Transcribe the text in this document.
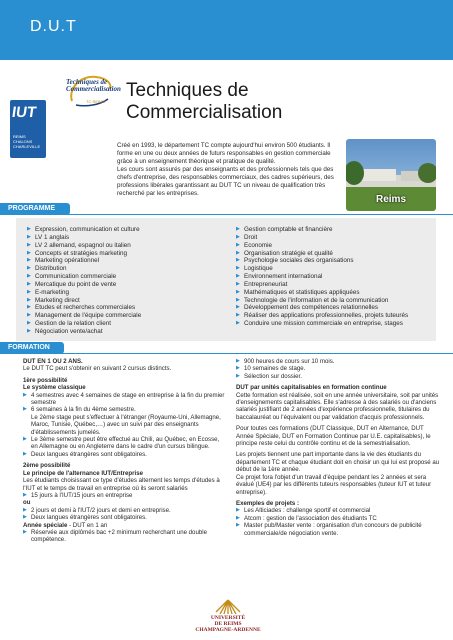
D.U.T
Techniques de
Commercialisation
TC REIMS
IUT
REIMS CHALONS CHARLEVILLE
Techniques de
Commercialisation
Reims

Créé en 1993, le département TC compte aujourd'hui environ 500 étudiants. Il forme en une ou deux années de futurs responsables en gestion commerciale grâce à un enseignement théorique et pratique de qualité.

Les cours sont assurés par des enseignants et des professionnels tels que des chefs d'entreprise, des responsables commerciaux, des cadres supérieurs, des professions libérales garantissant au DUT TC un niveau de qualification très recherché par les entreprises.

PROGRAMME
▶ Expression, communication et culture
▶ LV 1 anglais
▶ LV 2 allemand, espagnol ou italien
▶ Concepts et stratégies marketing
▶ Marketing opérationnel
▶ Distribution
▶ Communication commerciale
▶ Mercatique du point de vente
▶ E-marketing
▶ Marketing direct
▶ Etudes et recherches commerciales
▶ Management de l'équipe commerciale
▶ Gestion de la relation client
▶ Négociation vente/achat
▶ Gestion comptable et financière
▶ Droit
▶ Economie
▶ Organisation stratégie et qualité
▶ Psychologie sociales des organisations
▶ Logistique
▶ Environnement international
▶ Entrepreneuriat
▶ Mathématiques et statistiques appliquées
▶ Technologie de l'information et de la communication
▶ Développement des compétences relationnelles
▶ Réaliser des applications professionnelles, projets tuteurés
▶ Conduire une mission commerciale en entreprise, stages
FORMATION

DUT EN 1 OU 2 ANS.

Le DUT TC peut s'obtenir en suivant 2 cursus distincts.

1ère possibilité

Le système classique

▶ 4 semestres avec 4 semaines de stage en entreprise à la fin du premier semestre

▶ 6 semaines à la fin du 4ème semestre.

Le 2ème stage peut s'effectuer à l'étranger (Royaume-Uni, Allemagne, Maroc, Tunisie, Québec,…) avec un suivi par des enseignants d'établissements jumelés.

▶ Le 3ème semestre peut être effectué au Chili, au Québec, en Ecosse, en Allemagne ou en Angleterre dans le cadre d'un cursus bilingue.

▶ Deux langues étrangères sont obligatoires.

2ème possibilité

Le principe de l'alternance IUT/Entreprise

Les étudiants choisissant ce type d'études alternent les temps d'études à l'IUT et le temps de travail en entreprise où ils seront salariés

▶ 15 jours à l'IUT/15 jours en entreprise

ou

▶ 2 jours et demi à l'IUT/2 jours et demi en entreprise.

▶ Deux langues étrangères sont obligatoires.

Année spéciale - DUT en 1 an

▶ Réservée aux diplômés bac +2 minimum recherchant une double compétence.

▶ 900 heures de cours sur 10 mois.

▶ 10 semaines de stage.

▶ Sélection sur dossier.

DUT par unités capitalisables en formation continue

Cette formation est réalisée, soit en une année universitaire, soit par unités d'enseignements capitalisables. Elle s'adresse à des salariés ou d'anciens salariés justifiant de 2 années d'expérience professionnelle, titulaires du baccalauréat ou l'équivalent ou par validation d'acquis professionnels.

Pour toutes ces formations (DUT Classique, DUT en Alternance, DUT Année Spéciale, DUT en Formation Continue par U.E. capitalisables), le principe reste celui du contrôle continu et de la semestrialisation.

Les projets tiennent une part importante dans la vie des étudiants du département TC et chaque étudiant doit en choisir un qui lui est proposé au début de la 1ère année.

Ce projet fora l'objet d'un travail d'équipe pendant les 2 années et sera évalué (UE4) par les différents tuteurs responsables (tuteur IUT et tuteur entreprise).

Exemples de projets :

▶ Les Alticiades : challenge sportif et commercial

▶ Atcom : gestion de l'association des étudiants TC

▶ Master pub/Master vente : organisation d'un concours de publicité commerciale/de négociation vente.

UNIVERSITÉ
DE REIMS
CHAMPAGNE-ARDENNE
